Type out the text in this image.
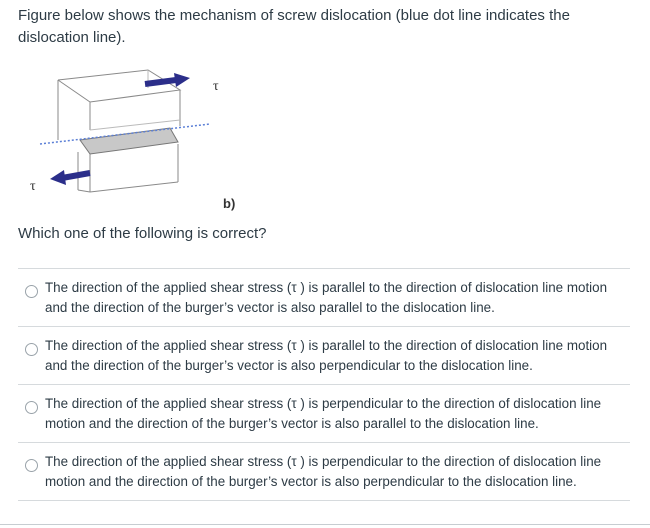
Figure below shows the mechanism of screw dislocation (blue dot line indicates the dislocation line).
τ
τ
b)
Which one of the following is correct?
The direction of the applied shear stress (τ ) is parallel to the direction of dislocation line motion and the direction of the burger’s vector is also parallel to the dislocation line.
The direction of the applied shear stress (τ ) is parallel to the direction of dislocation line motion and the direction of the burger’s vector is also perpendicular to the dislocation line.
The direction of the applied shear stress (τ ) is perpendicular to the direction of dislocation line motion and the direction of the burger’s vector is also parallel to the dislocation line.
The direction of the applied shear stress (τ ) is perpendicular to the direction of dislocation line motion and the direction of the burger’s vector is also perpendicular to the dislocation line.
